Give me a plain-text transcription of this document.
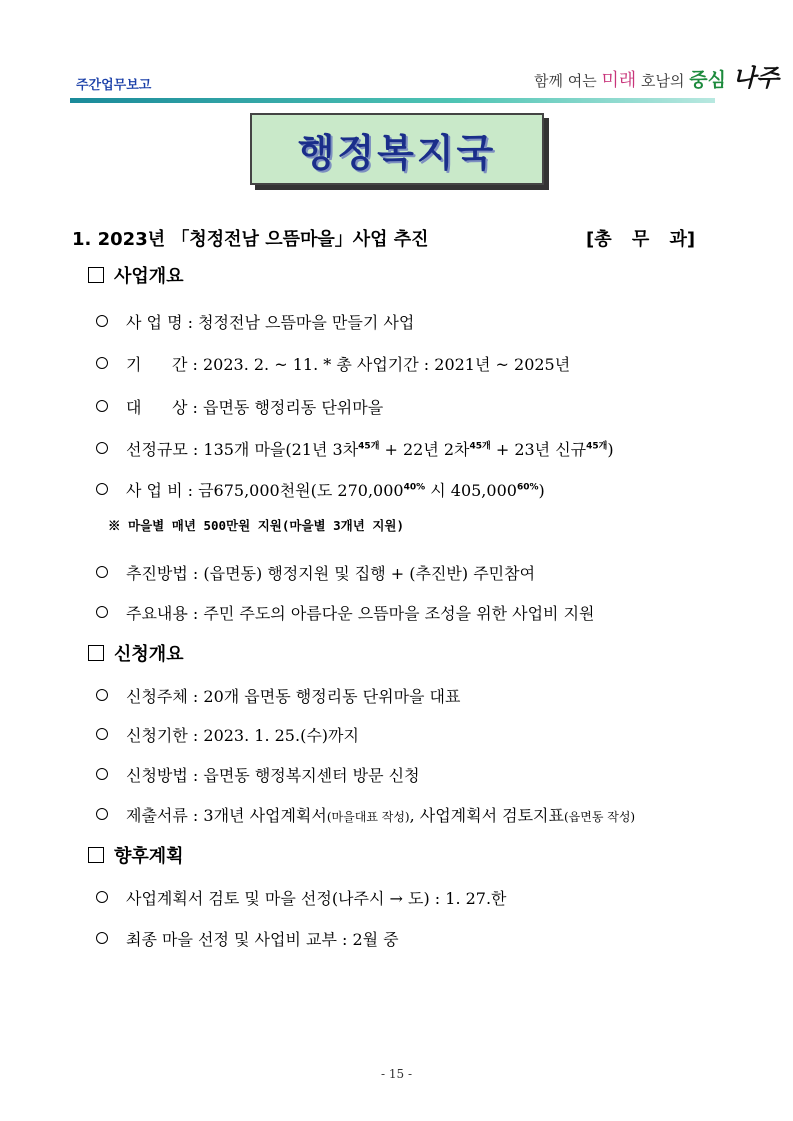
주간업무보고	함께 여는 미래 호남의 중심 나주
행정복지국
1. 2023년 「청정전남 으뜸마을」사업 추진	[총 무 과]
사업개요
사 업 명 : 청정전남 으뜸마을 만들기 사업
기      간 : 2023. 2. ~ 11. * 총 사업기간 : 2021년 ~ 2025년
대      상 : 읍면동 행정리동 단위마을
선정규모 : 135개 마을(21년 3차$^{45개}$ + 22년 2차$^{45개}$ + 23년 신규$^{45개}$)
사 업 비 : 금675,000천원(도 $270,000^{40\%}$ 시 $405,000^{60\%}$)
※ 마을별 매년 500만원 지원(마을별 3개년 지원)
추진방법 : (읍면동) 행정지원 및 집행 + (추진반) 주민참여
주요내용 : 주민 주도의 아름다운 으뜸마을 조성을 위한 사업비 지원
신청개요
신청주체 : 20개 읍면동 행정리동 단위마을 대표
신청기한 : 2023. 1. 25.(수)까지
신청방법 : 읍면동 행정복지센터 방문 신청
제출서류 : 3개년 사업계획서(마을대표 작성), 사업계획서 검토지표(읍면동 작성)
향후계획
사업계획서 검토 및 마을 선정(나주시 → 도) : 1. 27.한
최종 마을 선정 및 사업비 교부 : 2월 중
- 15 -
